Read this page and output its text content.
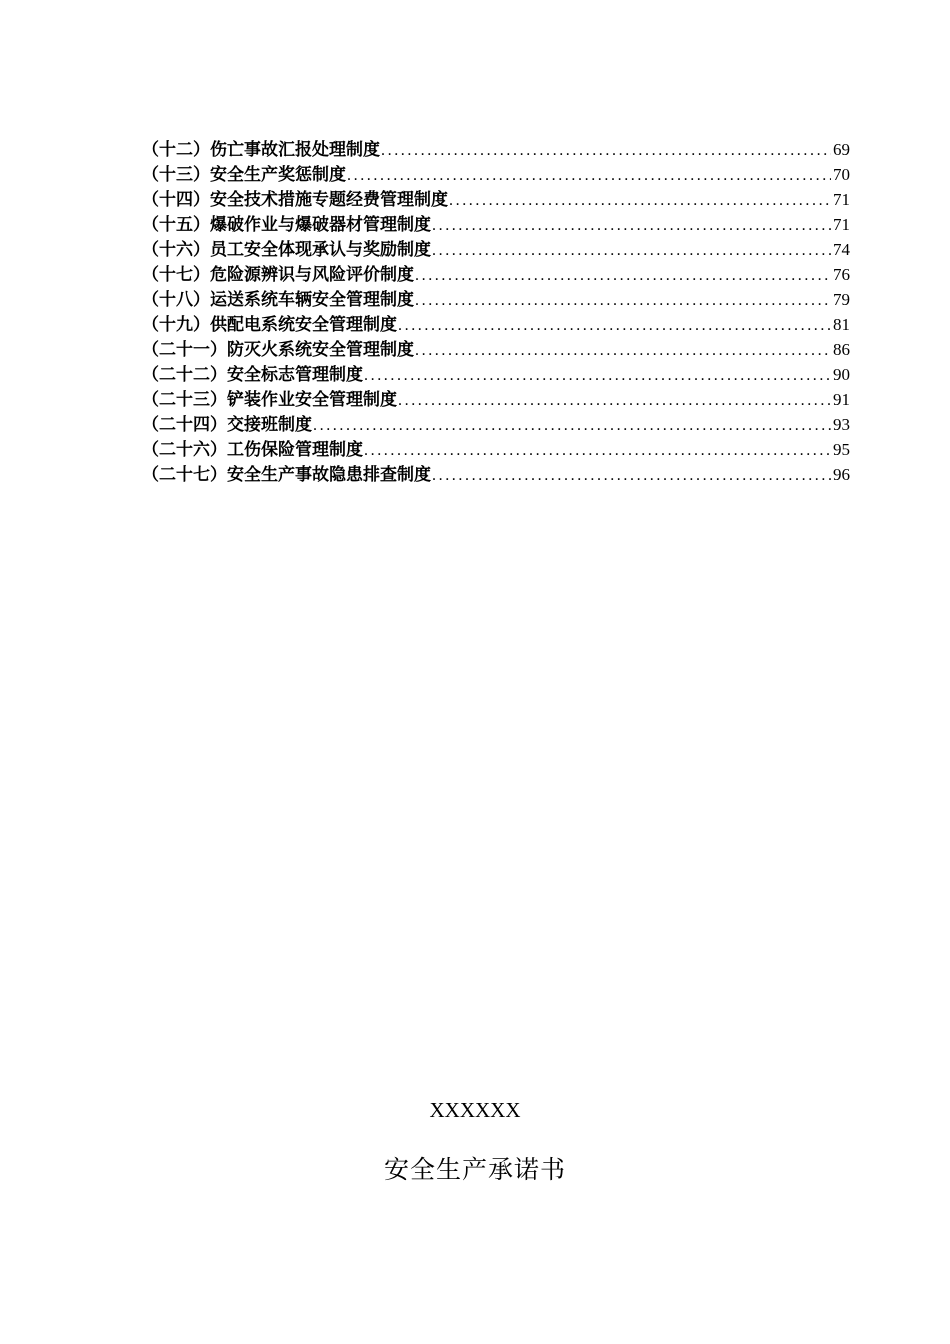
（十二） 伤亡事故汇报处理制度 .....	69
（十三） 安全生产奖惩制度 .....	70
（十四） 安全技术措施专题经费管理制度 .....	71
（十五） 爆破作业与爆破器材管理制度 .....	71
（十六） 员工安全体现承认与奖励制度 .....	74
（十七） 危险源辨识与风险评价制度 .....	76
（十八） 运送系统车辆安全管理制度 .....	79
（十九） 供配电系统安全管理制度 .....	81
（二十一） 防灭火系统安全管理制度 .....	86
（二十二） 安全标志管理制度 .....	90
（二十三） 铲装作业安全管理制度 .....	91
（二十四） 交接班制度 .....	93
（二十六） 工伤保险管理制度 .....	95
（二十七） 安全生产事故隐患排查制度 .....	96
XXXXXX
安全生产承诺书
